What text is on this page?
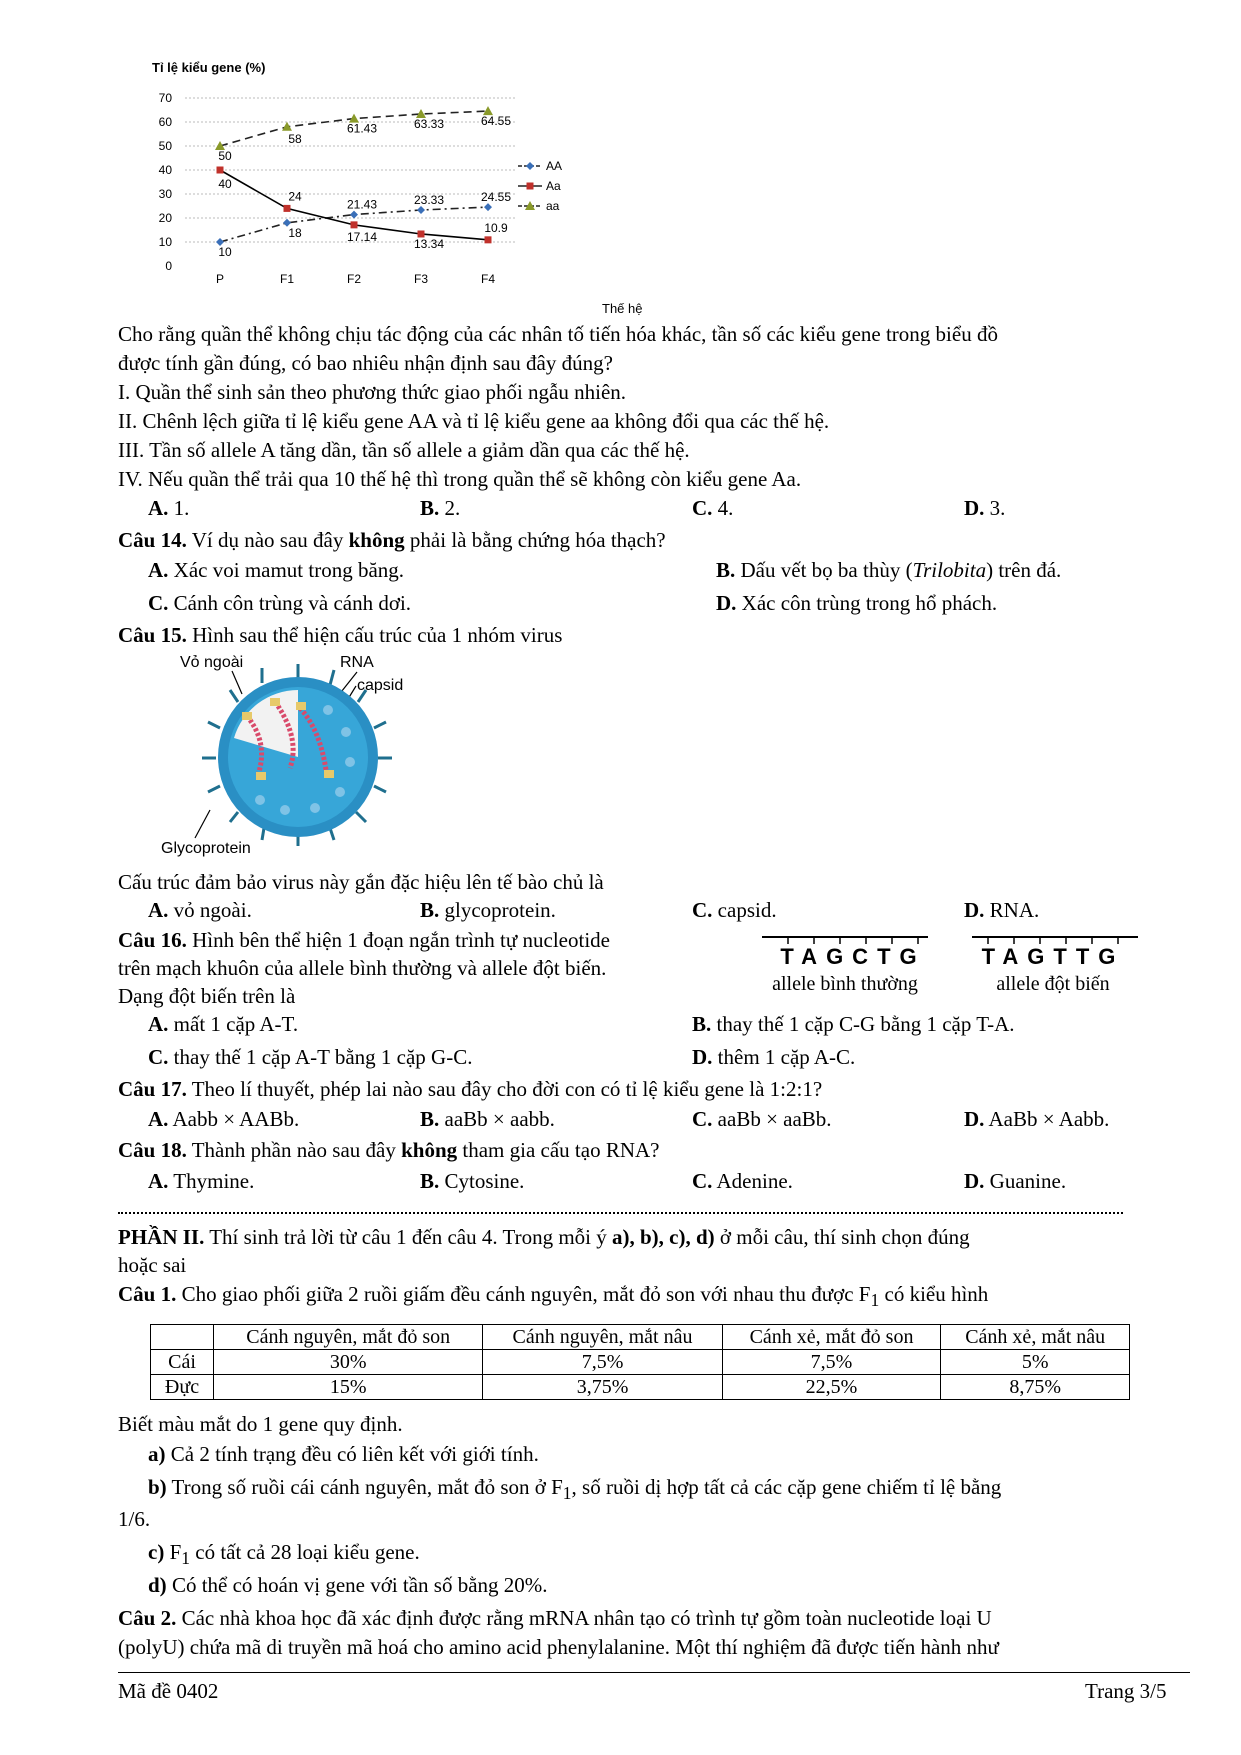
Tỉ lệ kiểu gene (%)
0
10
20
30
40
50
60
70
P	F1	F2	F3	F4
10
18
21.43	23.33	24.55
40
24
17.14
13.34
10.9
50
58
61.43	63.33	64.55
AA
Aa
aa
Thế hệ
Cho rằng quần thể không chịu tác động của các nhân tố tiến hóa khác, tần số các kiểu gene trong biểu đồ
được tính gần đúng, có bao nhiêu nhận định sau đây đúng?
I. Quần thể sinh sản theo phương thức giao phối ngẫu nhiên.
II. Chênh lệch giữa tỉ lệ kiểu gene AA và tỉ lệ kiểu gene aa không đổi qua các thế hệ.
III. Tần số allele A tăng dần, tần số allele a giảm dần qua các thế hệ.
IV. Nếu quần thể trải qua 10 thế hệ thì trong quần thể sẽ không còn kiểu gene Aa.
A. 1.	B. 2.	C. 4.	D. 3.
Câu 14. Ví dụ nào sau đây không phải là bằng chứng hóa thạch?
A. Xác voi mamut trong băng.	B. Dấu vết bọ ba thùy (Trilobita) trên đá.
C. Cánh côn trùng và cánh dơi.	D. Xác côn trùng trong hổ phách.
Câu 15. Hình sau thể hiện cấu trúc của 1 nhóm virus
Vỏ ngoài	RNA
capsid
Glycoprotein
Cấu trúc đảm bảo virus này gắn đặc hiệu lên tế bào chủ là
A. vỏ ngoài.	B. glycoprotein.	C. capsid.	D. RNA.
Câu 16. Hình bên thể hiện 1 đoạn ngắn trình tự nucleotide
trên mạch khuôn của allele bình thường và allele đột biến.
Dạng đột biến trên là
TAGCTG	TAGTTG
allele bình thường	allele đột biến
A. mất 1 cặp A-T.	B. thay thế 1 cặp C-G bằng 1 cặp T-A.
C. thay thế 1 cặp A-T bằng 1 cặp G-C.	D. thêm 1 cặp A-C.
Câu 17. Theo lí thuyết, phép lai nào sau đây cho đời con có tỉ lệ kiểu gene là 1:2:1?
A. Aabb × AABb.	B. aaBb × aabb.	C. aaBb × aaBb.	D. AaBb × Aabb.
Câu 18. Thành phần nào sau đây không tham gia cấu tạo RNA?
A. Thymine.	B. Cytosine.	C. Adenine.	D. Guanine.
PHẦN II. Thí sinh trả lời từ câu 1 đến câu 4. Trong mỗi ý a), b), c), d) ở mỗi câu, thí sinh chọn đúng
hoặc sai
Câu 1. Cho giao phối giữa 2 ruồi giấm đều cánh nguyên, mắt đỏ son với nhau thu được $F_1$ có kiểu hình
	Cánh nguyên, mắt đỏ son	Cánh nguyên, mắt nâu	Cánh xẻ, mắt đỏ son	Cánh xẻ, mắt nâu
Cái	30%	7,5%	7,5%	5%
Đực	15%	3,75%	22,5%	8,75%
Biết màu mắt do 1 gene quy định.
a) Cả 2 tính trạng đều có liên kết với giới tính.
b) Trong số ruồi cái cánh nguyên, mắt đỏ son ở $F_1$, số ruồi dị hợp tất cả các cặp gene chiếm tỉ lệ bằng
1/6.
c) $F_1$ có tất cả 28 loại kiểu gene.
d) Có thể có hoán vị gene với tần số bằng 20%.
Câu 2. Các nhà khoa học đã xác định được rằng mRNA nhân tạo có trình tự gồm toàn nucleotide loại U
(polyU) chứa mã di truyền mã hoá cho amino acid phenylalanine. Một thí nghiệm đã được tiến hành như
Mã đề 0402	Trang 3/5
